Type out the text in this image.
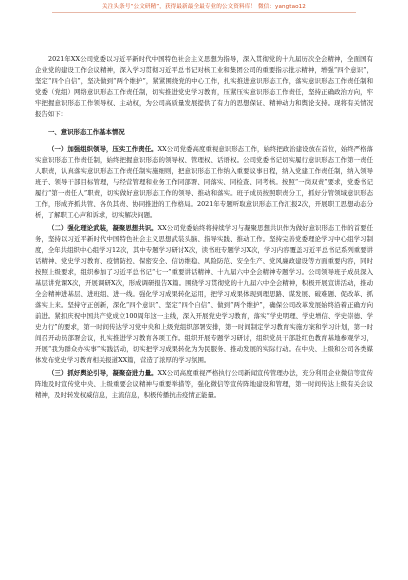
关注头条号“公文研精”，获得最新最全最专业的公文资料库！ 微信：yangtao12

2021年XX公司党委以习近平新时代中国特色社会主义思想为指导，深入贯彻党的十九届历次全会精神，全面国有企业党的建设工作会议精神，深入学习贯彻习近平总书记对核工业和集团公司的重要指示批示精神，增强“四个意识”，坚定“四个自信”，坚决做到“两个维护”，紧紧围绕党的中心工作，扎实推进意识形态工作，落实意识形态工作责任制和党委（党组）网络意识形态工作责任制，切实推进党史学习教育，压紧压实意识形态工作责任，坚持正确政治方向，牢牢把握意识形态工作领导权、主动权，为公司高质量发展提供了有力的思想保证、精神动力和舆论支持。现将有关情况报告如下：

一、意识形态工作基本情况

（一）加强组织领导，压实工作责任。XX公司党委高度重视意识形态工作，始终把政治建设放在首位，始终严格落实意识形态工作责任制，始终把握意识形态的领导权、管理权、话语权。公司党委书记切实履行意识形态工作第一责任人职责，认真落实意识形态工作责任制实施细则，把意识形态工作纳入重要议事日程，纳入党建工作责任制，纳入领导班子、领导干部目标管理，与经营管理和业务工作同部署、同落实、同检查、同考核。按照“一岗双责”要求，党委书记履行“第一责任人”职责，切实做好意识形态工作的领导、推动和落实。班子成员按照职责分工，抓好分管领域意识形态工作，形成齐抓共管、各负其责、协同推进的工作格局。2021年专题听取意识形态工作汇报2次，开展职工思想动态分析，了解职工心声和诉求，切实解决问题。

（二）强化理论武装，凝聚思想共识。XX公司党委始终将持续学习与凝聚思想共识作为做好意识形态工作的首要任务，坚持以习近平新时代中国特色社会主义思想武装头脑、指导实践、推动工作。坚持完善党委理论学习中心组学习制度，全年共组织中心组学习12次，其中专题学习研讨X次，读书班专题学习X次，学习内容覆盖习近平总书记系列重要讲话精神、党史学习教育、疫情防控、保密安全、信访维稳、风险防范、安全生产、党风廉政建设等方面重要内容，同时按照上级要求，组织参加了习近平总书记“七一”重要讲话精神、十九届六中全会精神专题学习。公司领导班子成员深入基层讲党课X次，开展调研X次，形成调研报告X篇。围绕学习贯彻党的十九届六中全会精神，积极开展宣讲活动，推动全会精神进基层、进班组、进一线。强化学习成果转化运用，把学习成果体现到理思路、谋发展、破难题、促改革、抓落实上来。坚持守正创新，深化“四个意识”、坚定“四个自信”、做到“两个维护”，确保公司改革发展始终沿着正确方向前进。紧扣庆祝中国共产党成立100周年这一主线，深入开展党史学习教育，落实“学史明理、学史增信、学史崇德、学史力行”的要求，第一时间传达学习党中央和上级党组织部署安排，第一时间制定学习教育实施方案和学习计划，第一时间召开动员部署会议，扎实推进学习教育各项工作。组织开展专题学习研讨，组织党员干部赴红色教育基地参观学习，开展“我为群众办实事”实践活动，切实把学习成果转化为为民服务、推动发展的实际行动。在中央、上级和公司各类媒体发布党史学习教育相关报道XX篇，营造了浓厚的学习氛围。

（三）抓好舆论引导，凝聚奋进力量。XX公司高度重视严格执行公司新闻宣传管理办法，充分利用企业微信等宣传阵地及时宣传党中央、上级重要会议精神与重要举措等，强化微信等宣传阵地建设和管理，第一时间传达上级有关会议精神，及时转发权威信息，主流信息，积极传播抗击疫情正能量。
